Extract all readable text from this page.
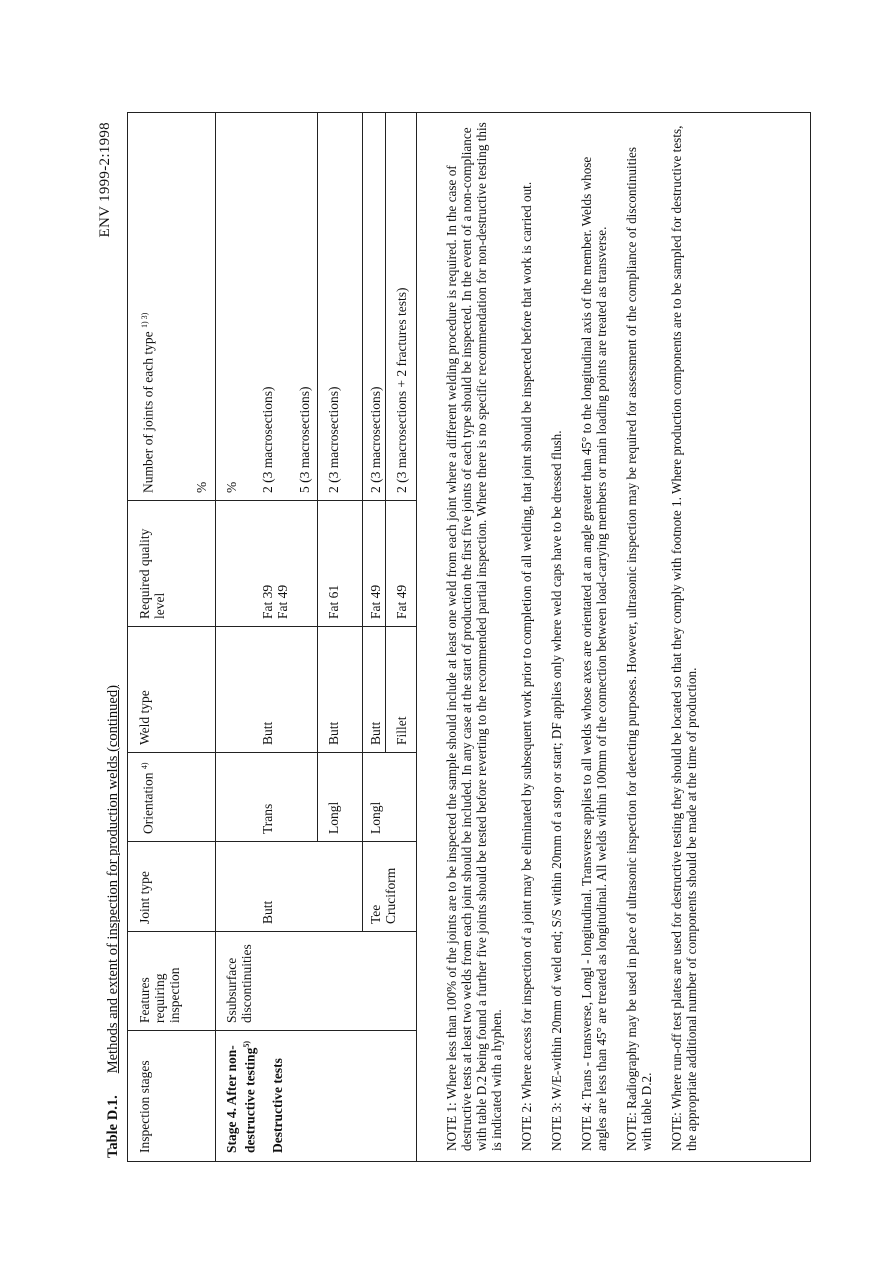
ENV 1999-2:1998
Table D.1.Methods and extent of inspection for production welds (continued)
Inspection stages
Features requiring inspection
Joint type
Orientation $^{4)}$
Weld type
Required quality level
Number of joints of each type $^{1) 3)}$
%
Stage 4. After non-destructive testing$^{5)}$
Destructive tests
Ssubsurface discontinuities
Butt
Trans
Butt
Fat 39 Fat 49
% 2 (3 macrosections) 5 (3 macrosections)
Longl
Butt
Fat 61
2 (3 macrosections)
Tee Cruciform
Longl
Butt
Fat 49
2 (3 macrosections)
Fillet
Fat 49
2 (3 macrosections + 2 fractures tests)	NOTE 1: Where less than 100% of the joints are to be inspected the sample should include at least one weld from each joint where a different welding procedure is required. In the case of destructive tests at least two welds from each joint should be included. In any case at the start of production the first five joints of each type should be inspected. In the event of a non-compliance with table D.2 being found a further five joints should be tested before reverting to the recommended partial inspection. Where there is no specific recommendation for non-destructive testing this is indicated with a hyphen. NOTE 2: Where access for inspection of a joint may be eliminated by subsequent work prior to completion of all welding, that joint should be inspected before that work is carried out. NOTE 3: W/E-within 20mm of weld end; S/S within 20mm of a stop or start; DF applies only where weld caps have to be dressed flush. NOTE 4: Trans - transverse, Longl - longitudinal. Transverse applies to all welds whose axes are orientated at an angle greater than 45° to the longitudinal axis of the member. Welds whose angles are less than 45° are treated as longitudinal. All welds within 100mm of the connection between load-carrying members or main loading points are treated as transverse. NOTE: Radiography may be used in place of ultrasonic inspection for detecting purposes. However, ultrasonic inspection may be required for assessment of the compliance of discontinuities with table D.2. NOTE: Where run-off test plates are used for destructive testing they should be located so that they comply with footnote 1. Where production components are to be sampled for destructive tests, the appropriate additional number of components should be made at the time of production.
